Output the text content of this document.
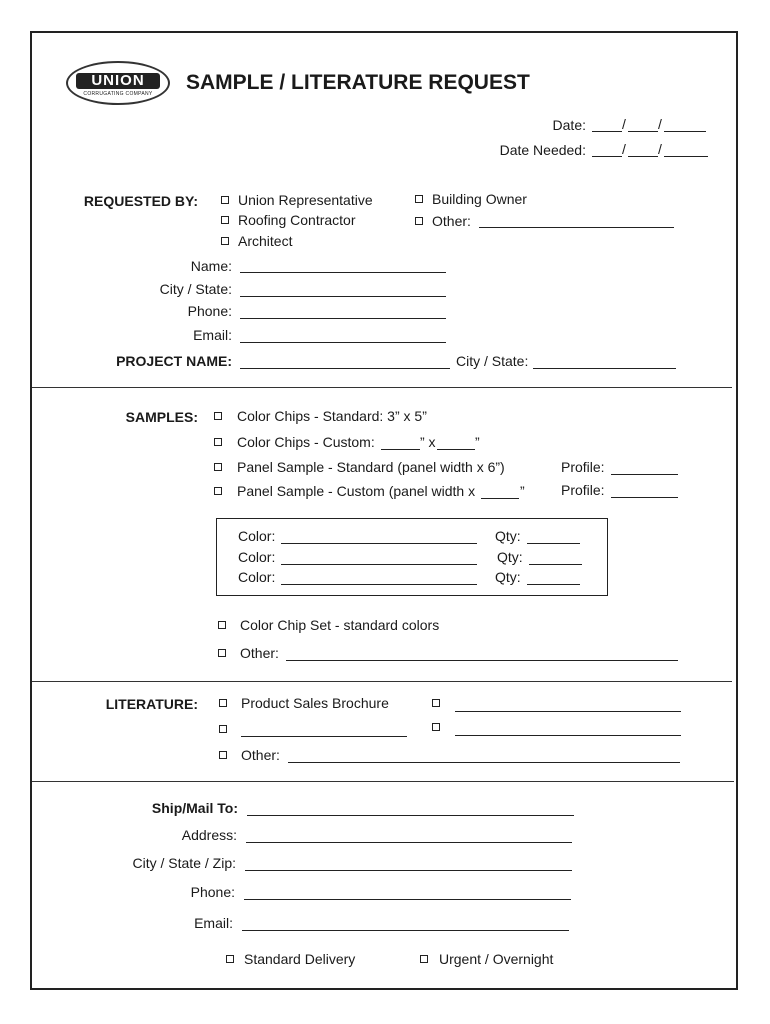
UNION
CORRUGATING COMPANY	SAMPLE / LITERATURE REQUEST
Date:	/ /
Date Needed:	/ /
REQUESTED BY:	Union Representative
Roofing Contractor
Architect
Building Owner
Other:
Name:
City / State:
Phone:
Email:
PROJECT NAME:	City / State:
SAMPLES:	Color Chips - Standard: 3” x 5”
Color Chips - Custom:	” x	”
Panel Sample - Standard (panel width x 6”)	Profile:
Panel Sample - Custom (panel width x	”	Profile:
Color:	Qty:
Color:	Qty:
Color:	Qty:
Color Chip Set - standard colors
Other:
LITERATURE:	Product Sales Brochure
Other:
Ship/Mail To:
Address:
City / State / Zip:
Phone:
Email:
Standard Delivery	Urgent / Overnight
